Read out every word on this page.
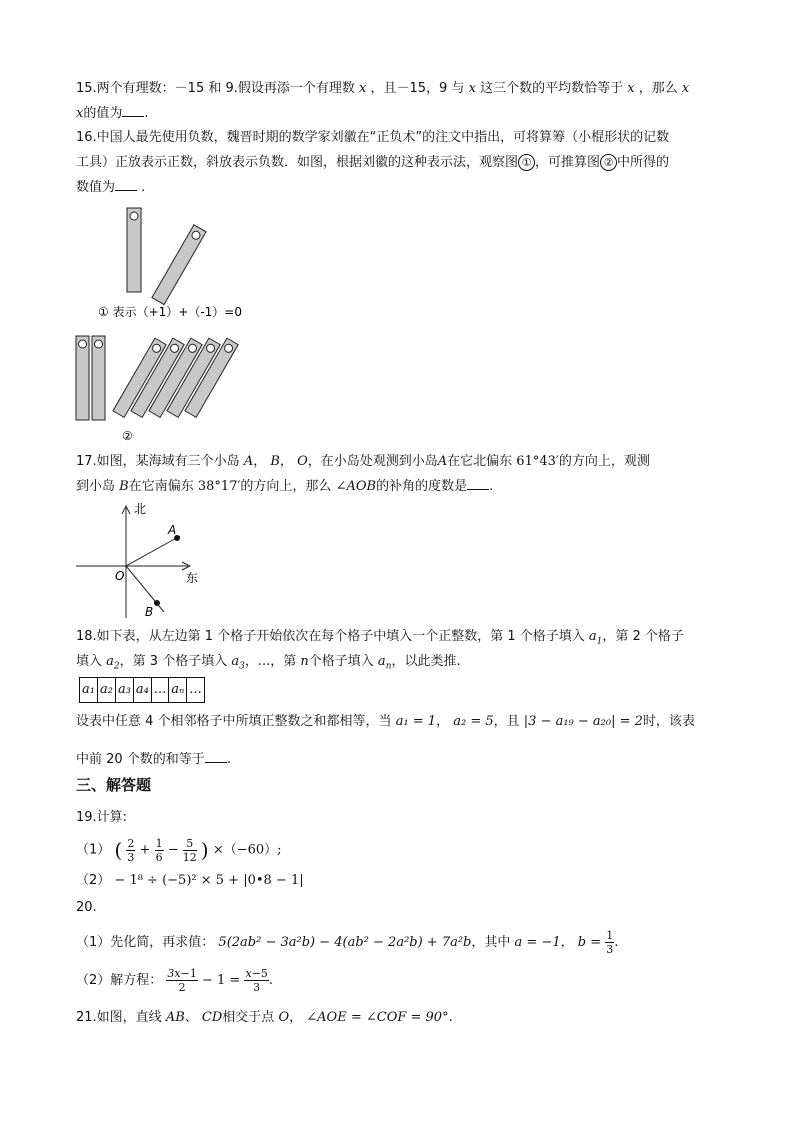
15.两个有理数：－15 和 9.假设再添一个有理数 x ，且－15，9 与 x 这三个数的平均数恰等于 x ，那么 x
x的值为 .
16.中国人最先使用负数，魏晋时期的数学家刘徽在“正负术”的注文中指出，可将算筹（小棍形状的记数
工具）正放表示正数，斜放表示负数．如图，根据刘徽的这种表示法，观察图 ① ，可推算图 ② 中所得的
数值为 .
① 表示（+1）+（-1）=0
②
17.如图，某海域有三个小岛 A， B， O，在小岛处观测到小岛A在它北偏东 61°43′的方向上，观测
到小岛 B在它南偏东 38°17′的方向上，那么 ∠AOB的补角的度数是 .
北
东
O
A
B
18.如下表，从左边第 1 个格子开始依次在每个格子中填入一个正整数，第 1 个格子填入 $a_1$，第 2 个格子
填入 $a_2$，第 3 个格子填入 $a_3$，...，第 n个格子填入 $a_n$，以此类推.
a₁ a₂ a₃ a₄ ... aₙ ...
设表中任意 4 个相邻格子中所填正整数之和都相等，当 a₁ = 1， a₂ = 5，且 |3 − a₁₉ − a₂₀| = 2时，该表
中前 20 个数的和等于 .
三、解答题
19.计算:
（1） ( $\frac{2}{3} + \frac{1}{6} - \frac{5}{12}$ ) ×（−60）;
（2） − 1⁸ ÷ (−5)² × 5 + |0•8 − 1|
20.
（1）先化简，再求值： 5(2ab² − 3a²b) − 4(ab² − 2a²b) + 7a²b，其中 a = −1， $b = \frac{1}{3}$ .
（2）解方程： $\frac{3x-1}{2} - 1 = \frac{x-5}{3}$ .
21.如图，直线 AB、 CD相交于点 O， ∠AOE = ∠COF = 90°.
